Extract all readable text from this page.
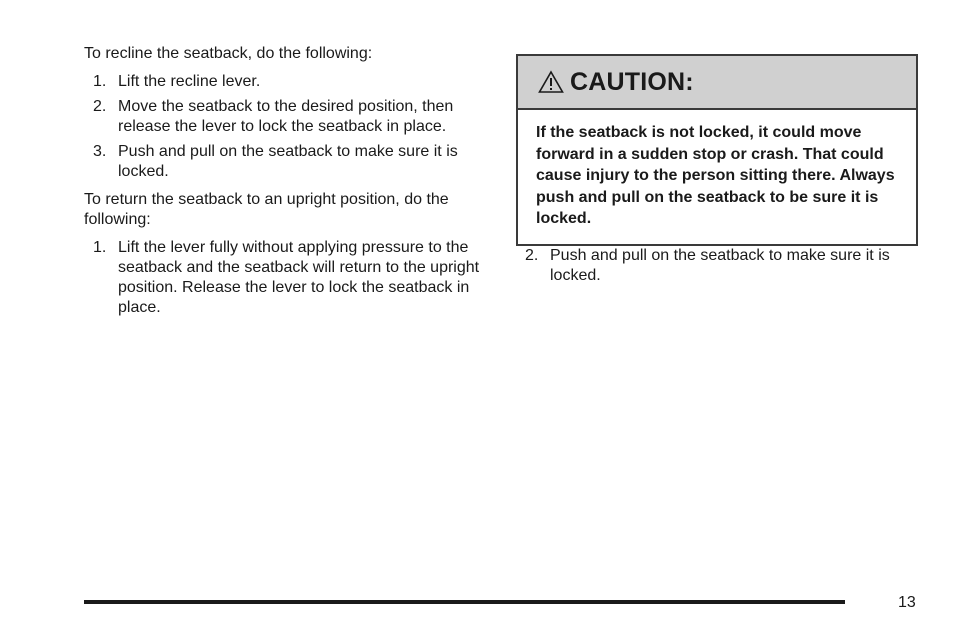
To recline the seatback, do the following:

1. Lift the recline lever.
2. Move the seatback to the desired position, then release the lever to lock the seatback in place.
3. Push and pull on the seatback to make sure it is locked.

To return the seatback to an upright position, do the following:

1. Lift the lever fully without applying pressure to the seatback and the seatback will return to the upright position. Release the lever to lock the seatback in place.
CAUTION:
If the seatback is not locked, it could move forward in a sudden stop or crash. That could cause injury to the person sitting there. Always push and pull on the seatback to be sure it is locked.
2. Push and pull on the seatback to make sure it is locked.
13
